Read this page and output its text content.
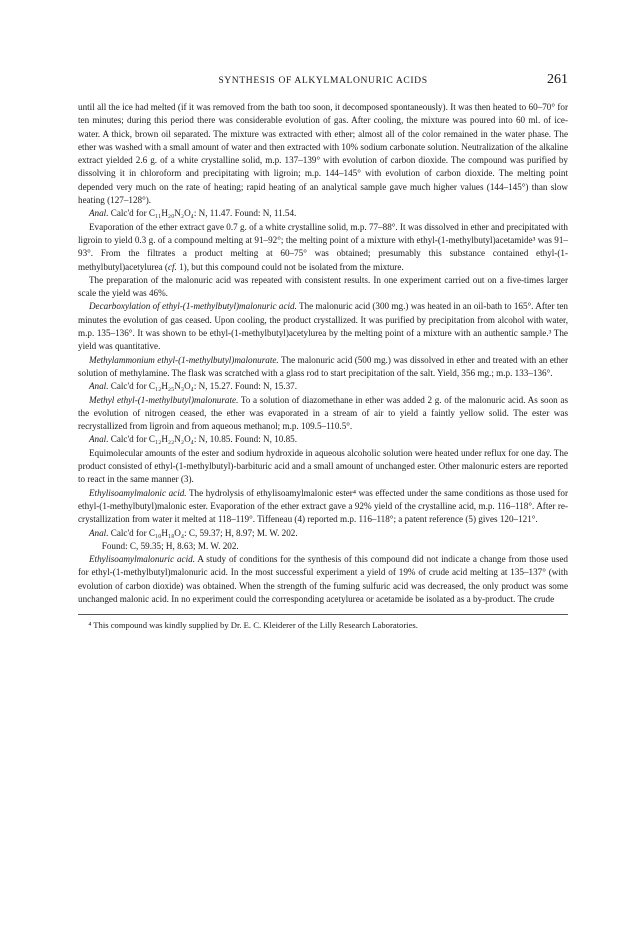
SYNTHESIS OF ALKYLMALONURIC ACIDS	261

until all the ice had melted (if it was removed from the bath too soon, it decomposed spontaneously). It was then heated to 60–70° for ten minutes; during this period there was considerable evolution of gas. After cooling, the mixture was poured into 60 ml. of ice-water. A thick, brown oil separated. The mixture was extracted with ether; almost all of the color remained in the water phase. The ether was washed with a small amount of water and then extracted with 10% sodium carbonate solution. Neutralization of the alkaline extract yielded 2.6 g. of a white crystalline solid, m.p. 137–139° with evolution of carbon dioxide. The compound was purified by dissolving it in chloroform and precipitating with ligroin; m.p. 144–145° with evolution of carbon dioxide. The melting point depended very much on the rate of heating; rapid heating of an analytical sample gave much higher values (144–145°) than slow heating (127–128°).

Anal. Calc'd for C₁₁H₂₀N₂O₄: N, 11.47. Found: N, 11.54.

Evaporation of the ether extract gave 0.7 g. of a white crystalline solid, m.p. 77–88°. It was dissolved in ether and precipitated with ligroin to yield 0.3 g. of a compound melting at 91–92°; the melting point of a mixture with ethyl-(1-methylbutyl)acetamide³ was 91–93°. From the filtrates a product melting at 60–75° was obtained; presumably this substance contained ethyl-(1-methylbutyl)acetylurea (cf. 1), but this compound could not be isolated from the mixture.

The preparation of the malonuric acid was repeated with consistent results. In one experiment carried out on a five-times larger scale the yield was 46%.

Decarboxylation of ethyl-(1-methylbutyl)malonuric acid. The malonuric acid (300 mg.) was heated in an oil-bath to 165°. After ten minutes the evolution of gas ceased. Upon cooling, the product crystallized. It was purified by precipitation from alcohol with water, m.p. 135–136°. It was shown to be ethyl-(1-methylbutyl)acetylurea by the melting point of a mixture with an authentic sample.³ The yield was quantitative.

Methylammonium ethyl-(1-methylbutyl)malonurate. The malonuric acid (500 mg.) was dissolved in ether and treated with an ether solution of methylamine. The flask was scratched with a glass rod to start precipitation of the salt. Yield, 356 mg.; m.p. 133–136°.

Anal. Calc'd for C₁₂H₂₅N₃O₄: N, 15.27. Found: N, 15.37.

Methyl ethyl-(1-methylbutyl)malonurate. To a solution of diazomethane in ether was added 2 g. of the malonuric acid. As soon as the evolution of nitrogen ceased, the ether was evaporated in a stream of air to yield a faintly yellow solid. The ester was recrystallized from ligroin and from aqueous methanol; m.p. 109.5–110.5°.

Anal. Calc'd for C₁₂H₂₂N₂O₄: N, 10.85. Found: N, 10.85.

Equimolecular amounts of the ester and sodium hydroxide in aqueous alcoholic solution were heated under reflux for one day. The product consisted of ethyl-(1-methylbutyl)-barbituric acid and a small amount of unchanged ester. Other malonuric esters are reported to react in the same manner (3).

Ethylisoamylmalonic acid. The hydrolysis of ethylisoamylmalonic ester⁴ was effected under the same conditions as those used for ethyl-(1-methylbutyl)malonic ester. Evaporation of the ether extract gave a 92% yield of the crystalline acid, m.p. 116–118°. After re-crystallization from water it melted at 118–119°. Tiffeneau (4) reported m.p. 116–118°; a patent reference (5) gives 120–121°.

Anal. Calc'd for C₁₀H₁₈O₄: C, 59.37; H, 8.97; M. W. 202.

Found: C, 59.35; H, 8.63; M. W. 202.

Ethylisoamylmalonuric acid. A study of conditions for the synthesis of this compound did not indicate a change from those used for ethyl-(1-methylbutyl)malonuric acid. In the most successful experiment a yield of 19% of crude acid melting at 135–137° (with evolution of carbon dioxide) was obtained. When the strength of the fuming sulfuric acid was decreased, the only product was some unchanged malonic acid. In no experiment could the corresponding acetylurea or acetamide be isolated as a by-product. The crude

⁴ This compound was kindly supplied by Dr. E. C. Kleiderer of the Lilly Research Laboratories.
